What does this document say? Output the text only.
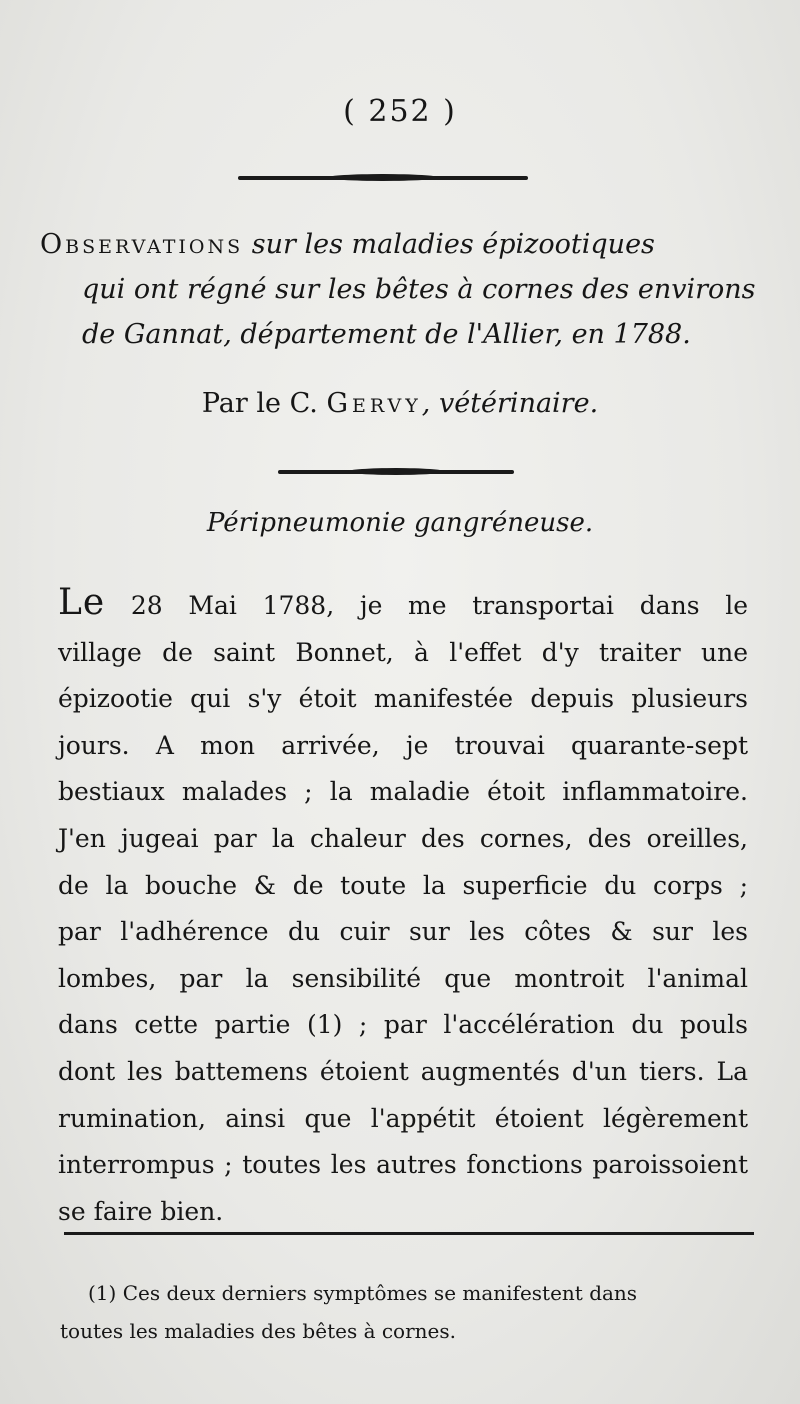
( 252 )
Observations sur les maladies épizootiques
qui ont régné sur les bêtes à cornes des environs
de Gannat, département de l'Allier, en 1788.
Par le C. Gervy, vétérinaire.
Péripneumonie gangréneuse.
Le 28 Mai 1788, je me transportai dans le
village de saint Bonnet, à l'effet d'y traiter une
épizootie qui s'y étoit manifestée depuis plusieurs
jours. A mon arrivée, je trouvai quarante-sept
bestiaux malades ; la maladie étoit inflammatoire.
J'en jugeai par la chaleur des cornes, des oreilles,
de la bouche & de toute la superficie du corps ;
par l'adhérence du cuir sur les côtes & sur les
lombes, par la sensibilité que montroit l'animal
dans cette partie (1) ; par l'accélération du pouls
dont les battemens étoient augmentés d'un tiers. La
rumination, ainsi que l'appétit étoient légèrement
interrompus ; toutes les autres fonctions paroissoient
se faire bien.
(1) Ces deux derniers symptômes se manifestent dans
toutes les maladies des bêtes à cornes.
